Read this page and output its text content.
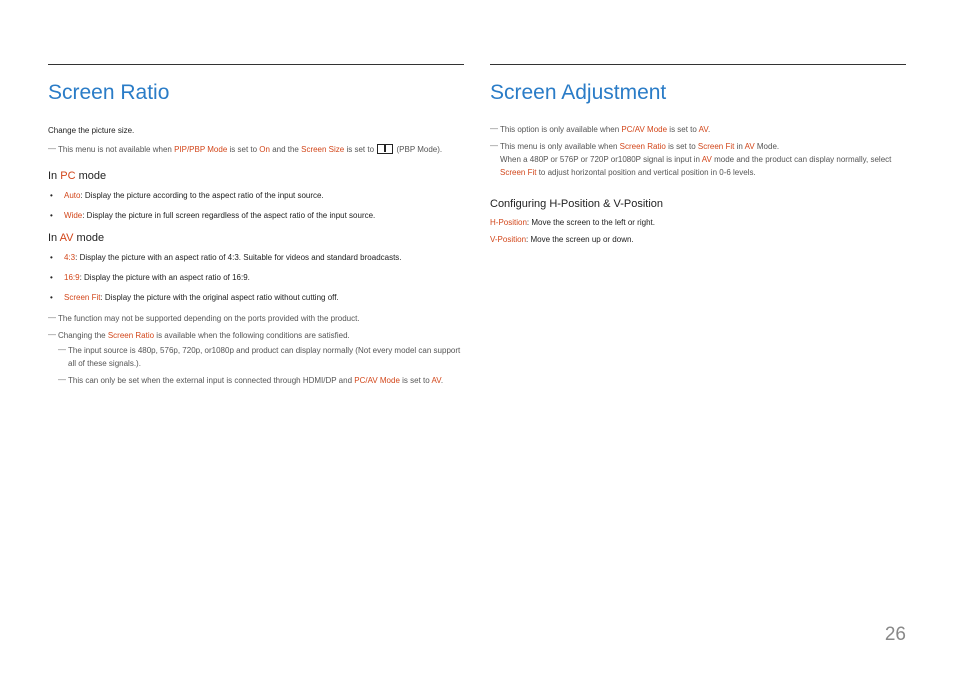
Screen Ratio

Change the picture size.

― This menu is not available when PIP/PBP Mode is set to On and the Screen Size is set to  (PBP Mode).

In PC mode
• Auto: Display the picture according to the aspect ratio of the input source.
• Wide: Display the picture in full screen regardless of the aspect ratio of the input source.
In AV mode
• 4:3: Display the picture with an aspect ratio of 4:3. Suitable for videos and standard broadcasts.
• 16:9: Display the picture with an aspect ratio of 16:9.
• Screen Fit: Display the picture with the original aspect ratio without cutting off.

― The function may not be supported depending on the ports provided with the product.

― Changing the Screen Ratio is available when the following conditions are satisfied.

― The input source is 480p, 576p, 720p, or1080p and product can display normally (Not every model can support all of these signals.).

― This can only be set when the external input is connected through HDMI/DP and PC/AV Mode is set to AV.

Screen Adjustment

― This option is only available when PC/AV Mode is set to AV.

― This menu is only available when Screen Ratio is set to Screen Fit in AV Mode.
When a 480P or 576P or 720P or1080P signal is input in AV mode and the product can display normally, select Screen Fit to adjust horizontal position and vertical position in 0-6 levels.

Configuring H-Position & V-Position

H-Position: Move the screen to the left or right.

V-Position: Move the screen up or down.

26
